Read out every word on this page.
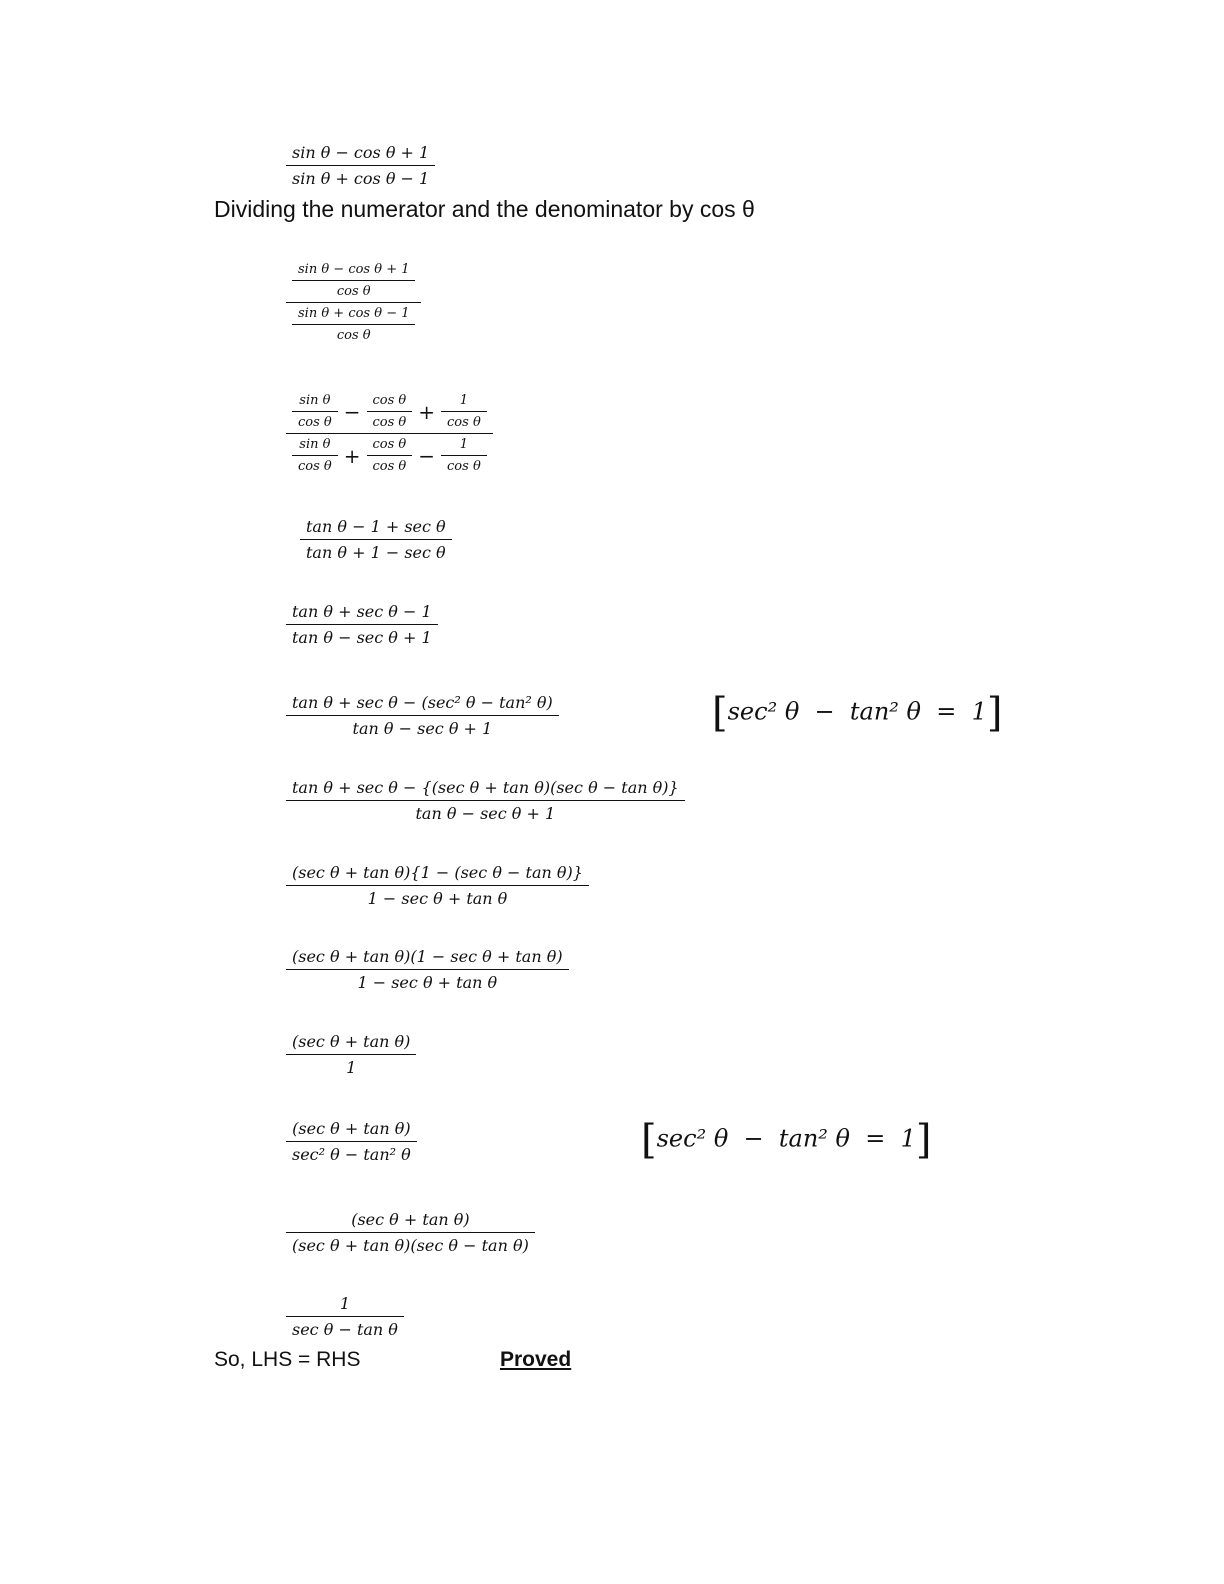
$\frac{\text{sin θ − cos θ + 1}}{\text{sin θ + cos θ − 1}}$
Dividing the numerator and the denominator by cos θ
$\frac{\frac{\text{sin θ − cos θ + 1}}{\text{cos θ}}}{\frac{\text{sin θ + cos θ − 1}}{\text{cos θ}}}$
$\frac{\frac{\text{sin θ}}{\text{cos θ}} - \frac{\text{cos θ}}{\text{cos θ}} + \frac{1}{\text{cos θ}}}{\frac{\text{sin θ}}{\text{cos θ}} + \frac{\text{cos θ}}{\text{cos θ}} - \frac{1}{\text{cos θ}}}$
$\frac{\text{tan θ − 1 + sec θ}}{\text{tan θ + 1 − sec θ}}$
$\frac{\text{tan θ + sec θ − 1}}{\text{tan θ − sec θ + 1}}$
$\frac{\text{tan θ + sec θ − (sec² θ − tan² θ)}}{\text{tan θ − sec θ + 1}}$	[sec² θ  −  tan² θ  =  1]
$\frac{\text{tan θ + sec θ − \{(sec θ + tan θ)(sec θ − tan θ)\}}}{\text{tan θ − sec θ + 1}}$
$\frac{\text{(sec θ + tan θ)\{1 − (sec θ − tan θ)\}}}{\text{1 − sec θ + tan θ}}$
$\frac{\text{(sec θ + tan θ)(1 − sec θ + tan θ)}}{\text{1 − sec θ + tan θ}}$
$\frac{\text{(sec θ + tan θ)}}{1}$
$\frac{\text{(sec θ + tan θ)}}{\text{sec² θ − tan² θ}}$	[sec² θ  −  tan² θ  =  1]
$\frac{\text{(sec θ + tan θ)}}{\text{(sec θ + tan θ)(sec θ − tan θ)}}$
$\frac{1}{\text{sec θ − tan θ}}$
So, LHS = RHS	Proved
